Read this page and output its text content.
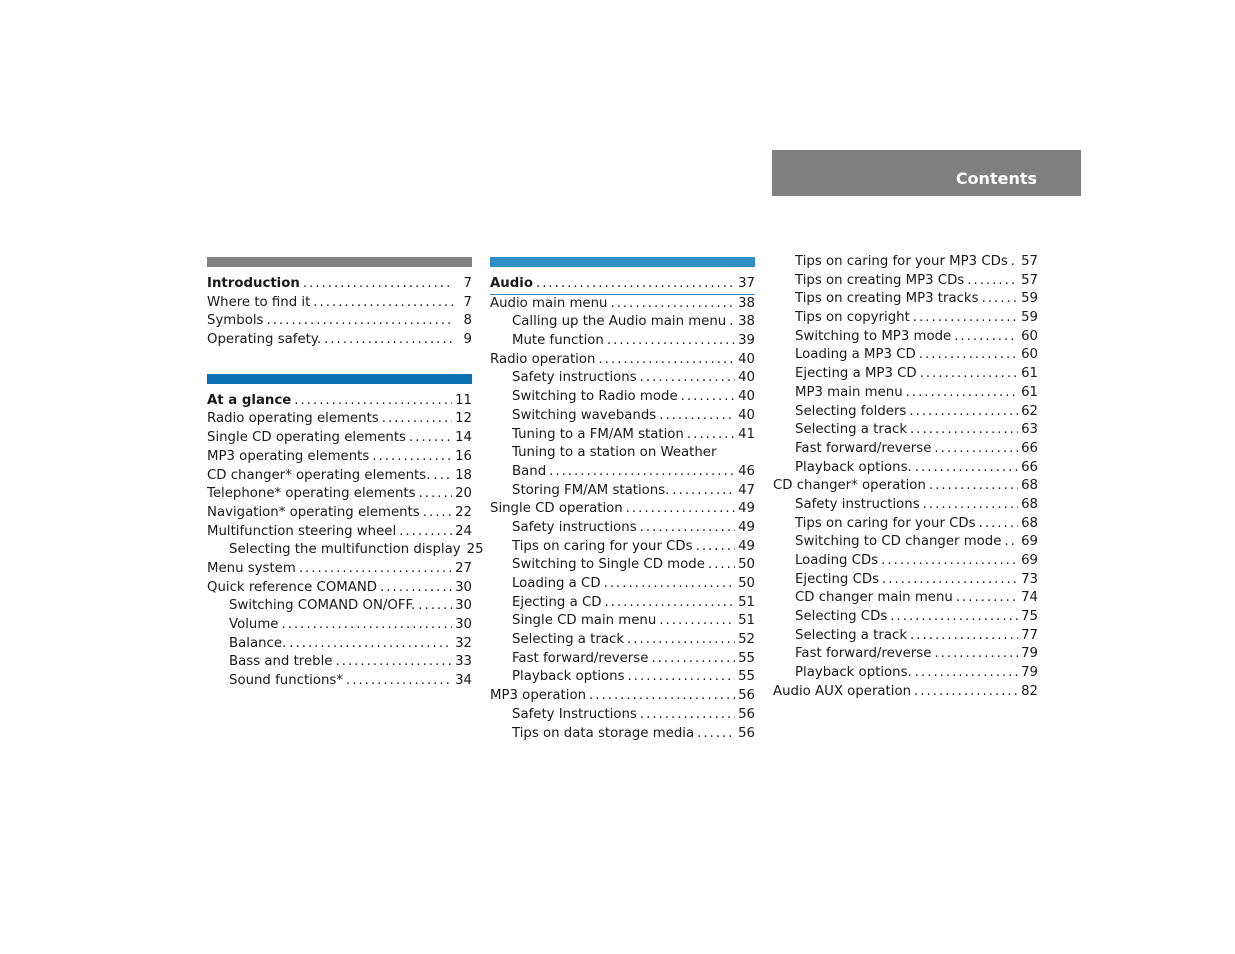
Contents
Introduction .....	7
Where to find it .....	7
Symbols .....	8
Operating safety. .....	9
At a glance .....	11
Radio operating elements .....	12
Single CD operating elements .....	14
MP3 operating elements .....	16
CD changer* operating elements. ..... 18
Telephone* operating elements .....	20
Navigation* operating elements .....	22
Multifunction steering wheel .....	24
Selecting the multifunction display 25
Menu system .....	27
Quick reference COMAND .....	30
Switching COMAND ON/OFF. .....	30
Volume .....	30
Balance. .....	32
Bass and treble .....	33
Sound functions* .....	34
Audio .....	37
Audio main menu .....	38
Calling up the Audio main menu ..... 38
Mute function .....	39
Radio operation .....	40
Safety instructions .....	40
Switching to Radio mode .....	40
Switching wavebands .....	40
Tuning to a FM/AM station .....	41
Tuning to a station on Weather
Band .....	46
Storing FM/AM stations. .....	47
Single CD operation .....	49
Safety instructions .....	49
Tips on caring for your CDs .....	49
Switching to Single CD mode ..... 50
Loading a CD .....	50
Ejecting a CD .....	51
Single CD main menu .....	51
Selecting a track .....	52
Fast forward/reverse .....	55
Playback options .....	55
MP3 operation .....	56
Safety Instructions .....	56
Tips on data storage media .....	56
Tips on caring for your MP3 CDs ..... 57
Tips on creating MP3 CDs .....	57
Tips on creating MP3 tracks .....	59
Tips on copyright .....	59
Switching to MP3 mode .....	60
Loading a MP3 CD .....	60
Ejecting a MP3 CD .....	61
MP3 main menu .....	61
Selecting folders .....	62
Selecting a track .....	63
Fast forward/reverse .....	66
Playback options. .....	66
CD changer* operation .....	68
Safety instructions .....	68
Tips on caring for your CDs .....	68
Switching to CD changer mode ..... 69
Loading CDs .....	69
Ejecting CDs .....	73
CD changer main menu .....	74
Selecting CDs .....	75
Selecting a track .....	77
Fast forward/reverse .....	79
Playback options. .....	79
Audio AUX operation .....	82
